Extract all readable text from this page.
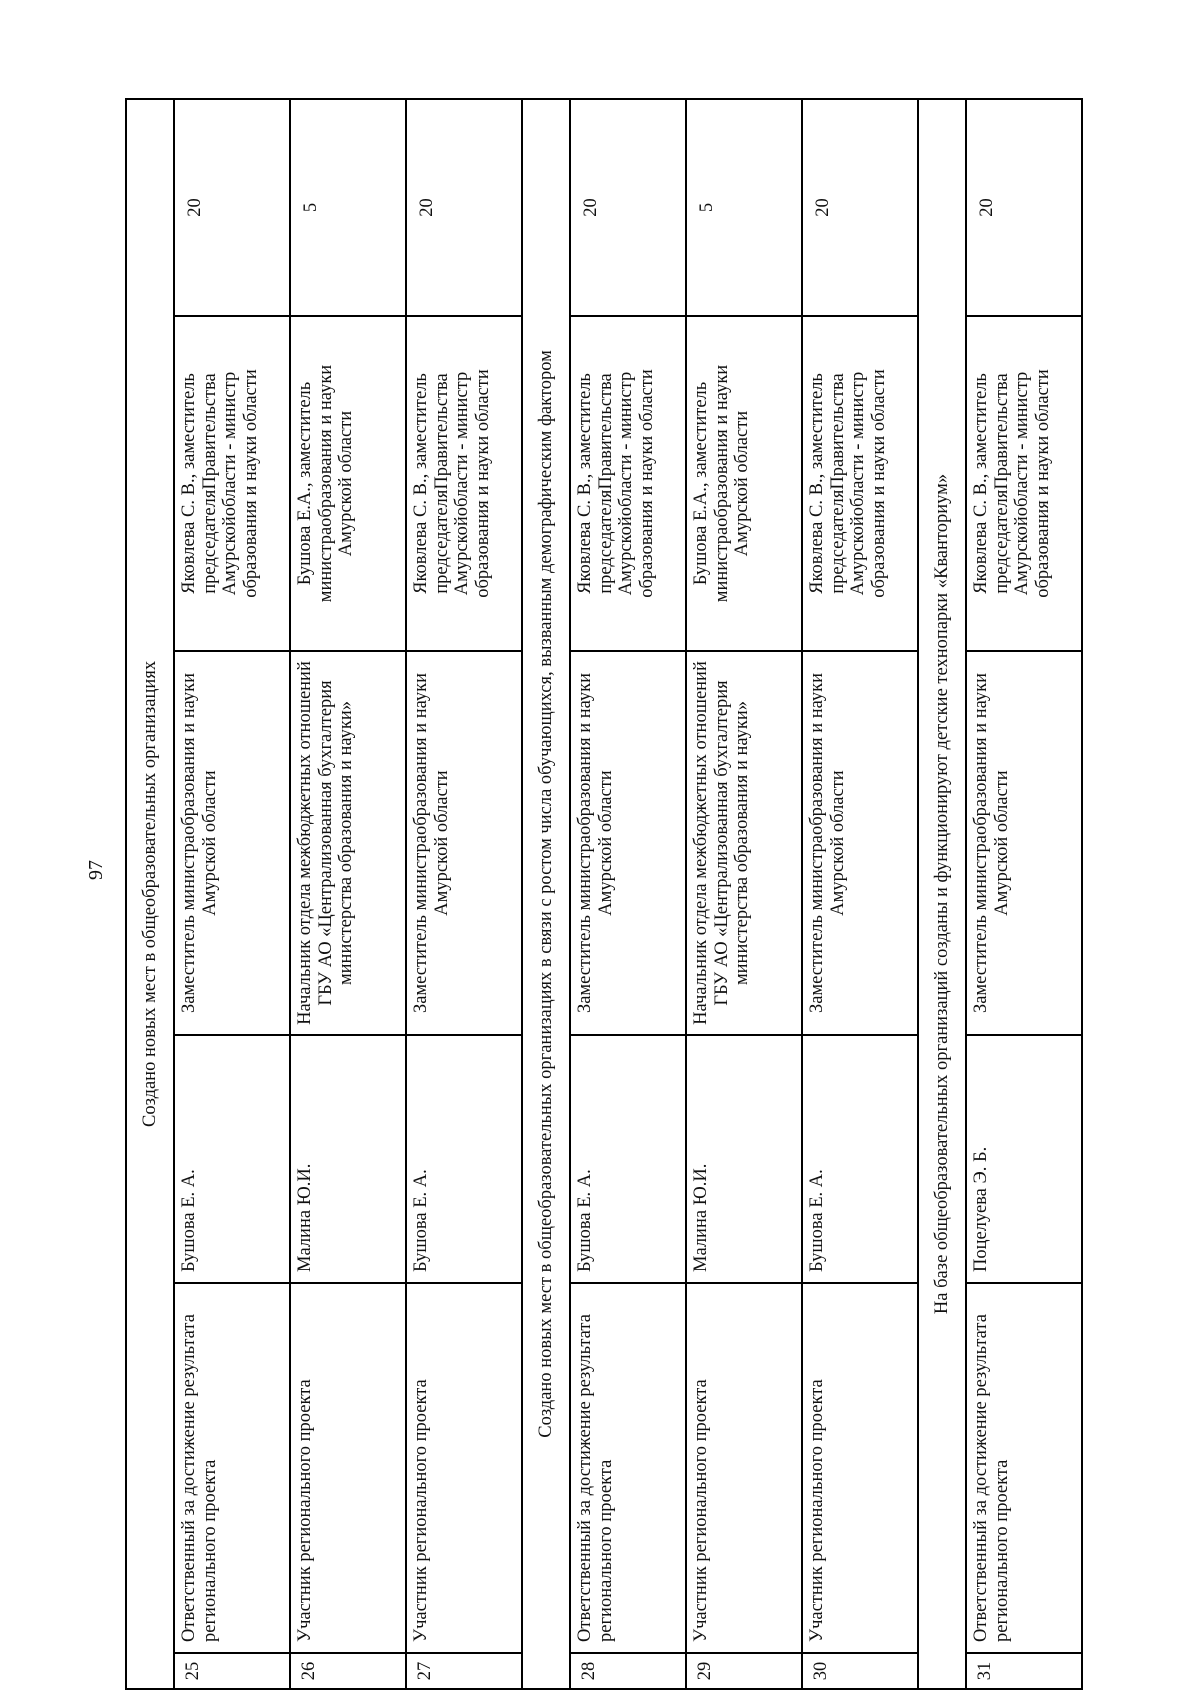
97	Создано новых мест в общеобразовательных организациях					
25	Ответственный за достижение результата регионального проекта	Бушова Е. А.	Заместитель министраобразования и науки Амурской области	Яковлева С. В., заместитель председателяПравительства Амурскойобласти - министр образования и науки области	20
26	Участник регионального проекта	Малина Ю.И.	Начальник отдела межбюджетных отношений ГБУ АО «Централизованная бухгалтерия министерства образования и науки»	Бушова Е.А., заместитель министраобразования и науки Амурской области	5
27	Участник регионального проекта	Бушова Е. А.	Заместитель министраобразования и науки Амурской области	Яковлева С. В., заместитель председателяПравительства Амурскойобласти - министр образования и науки области	20
Создано новых мест в общеобразовательных организациях в связи с ростом числа обучающихся, вызванным демографическим фактором					
28	Ответственный за достижение результата регионального проекта	Бушова Е. А.	Заместитель министраобразования и науки Амурской области	Яковлева С. В., заместитель председателяПравительства Амурскойобласти - министр образования и науки области	20
29	Участник регионального проекта	Малина Ю.И.	Начальник отдела межбюджетных отношений ГБУ АО «Централизованная бухгалтерия министерства образования и науки»	Бушова Е.А., заместитель министраобразования и науки Амурской области	5
30	Участник регионального проекта	Бушова Е. А.	Заместитель министраобразования и науки Амурской области	Яковлева С. В., заместитель председателяПравительства Амурскойобласти - министр образования и науки области	20
На базе общеобразовательных организаций созданы и функционируют детские технопарки «Кванториум»					
31	Ответственный за достижение результата регионального проекта	Поцелуева Э. Б.	Заместитель министраобразования и науки Амурской области	Яковлева С. В., заместитель председателяПравительства Амурскойобласти - министр образования и науки области	20
